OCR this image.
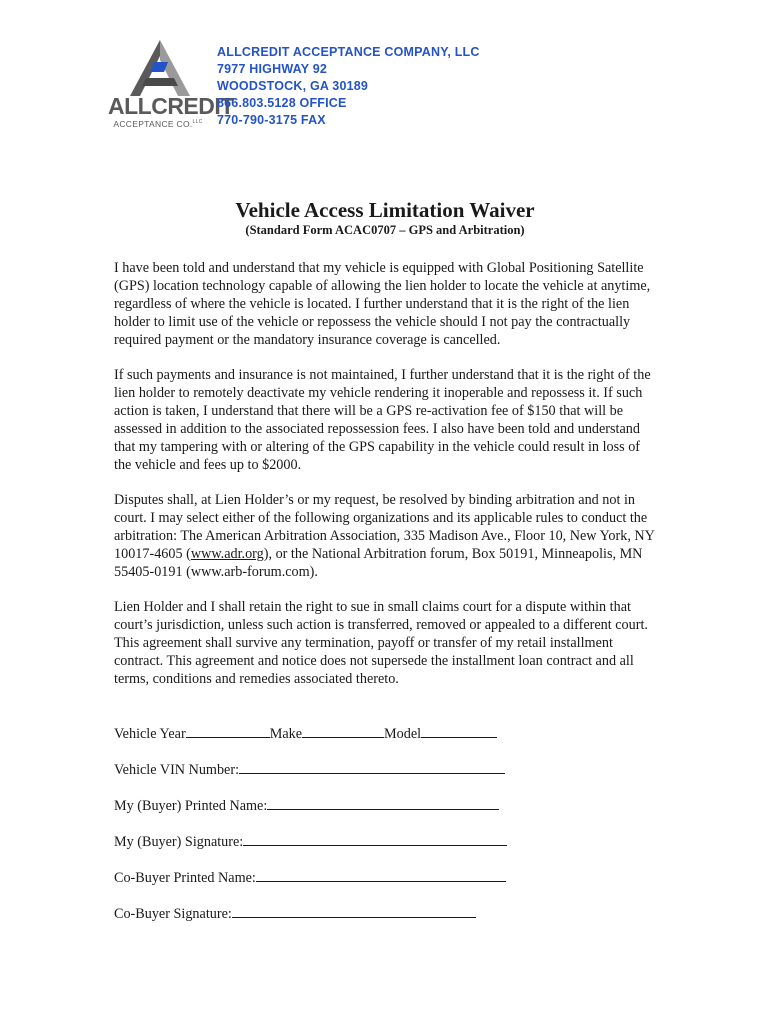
ALLCREDIT
ACCEPTANCE CO.$^{LLC}$
ALLCREDIT ACCEPTANCE COMPANY, LLC
7977 HIGHWAY 92
WOODSTOCK, GA 30189
866.803.5128 OFFICE
770-790-3175 FAX
Vehicle Access Limitation Waiver

(Standard Form ACAC0707 – GPS and Arbitration)

I have been told and understand that my vehicle is equipped with Global Positioning Satellite (GPS) location technology capable of allowing the lien holder to locate the vehicle at anytime, regardless of where the vehicle is located. I further understand that it is the right of the lien holder to limit use of the vehicle or repossess the vehicle should I not pay the contractually required payment or the mandatory insurance coverage is cancelled.

If such payments and insurance is not maintained, I further understand that it is the right of the lien holder to remotely deactivate my vehicle rendering it inoperable and repossess it. If such action is taken, I understand that there will be a GPS re-activation fee of $150 that will be assessed in addition to the associated repossession fees. I also have been told and understand that my tampering with or altering of the GPS capability in the vehicle could result in loss of the vehicle and fees up to $2000.

Disputes shall, at Lien Holder’s or my request, be resolved by binding arbitration and not in court. I may select either of the following organizations and its applicable rules to conduct the arbitration: The American Arbitration Association, 335 Madison Ave., Floor 10, New York, NY 10017-4605 (www.adr.org), or the National Arbitration forum, Box 50191, Minneapolis, MN 55405-0191 (www.arb-forum.com).

Lien Holder and I shall retain the right to sue in small claims court for a dispute within that court’s jurisdiction, unless such action is transferred, removed or appealed to a different court. This agreement shall survive any termination, payoff or transfer of my retail installment contract. This agreement and notice does not supersede the installment loan contract and all terms, conditions and remedies associated thereto.

Vehicle Year	Make	Model
Vehicle VIN Number:
My (Buyer) Printed Name:
My (Buyer) Signature:
Co-Buyer Printed Name:
Co-Buyer Signature:
